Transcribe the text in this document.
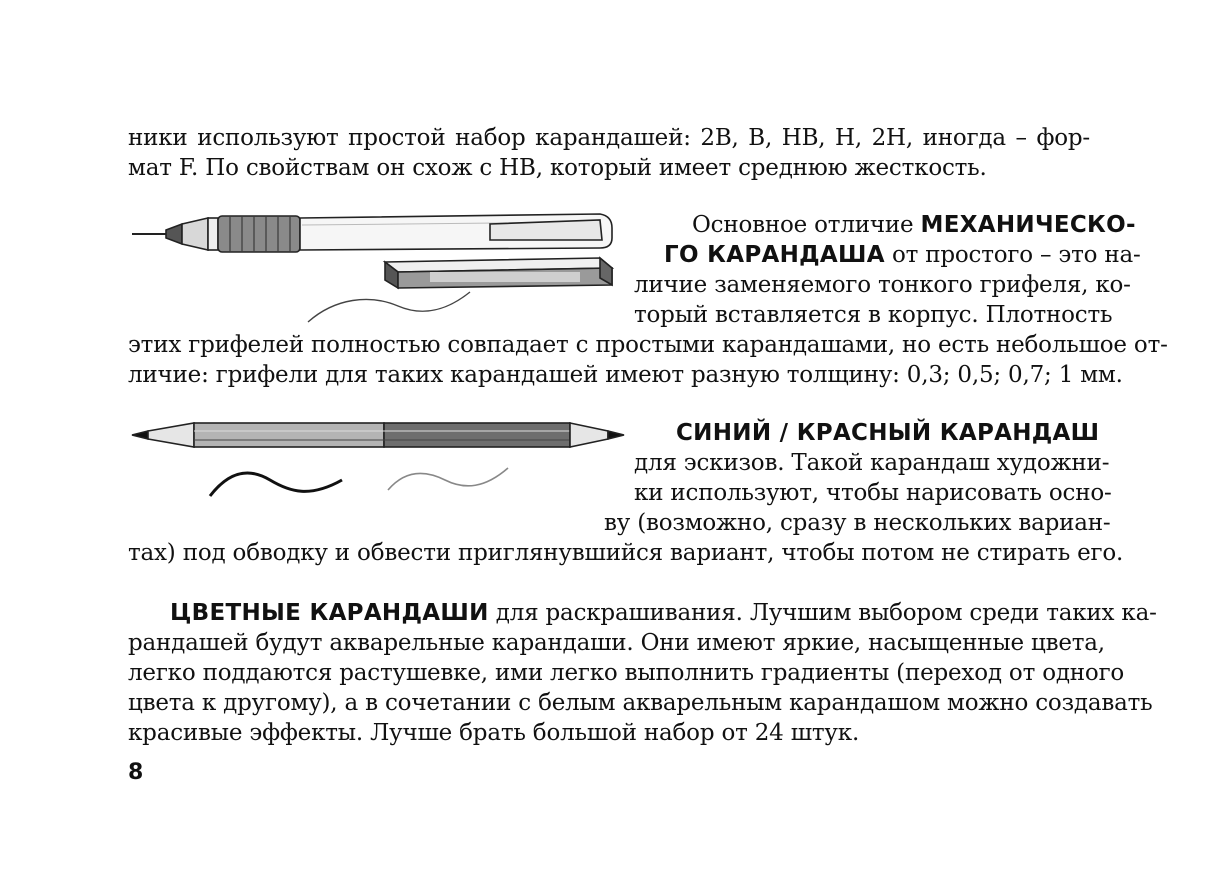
ники используют простой набор карандашей: 2B, B, HB, H, 2H, иногда – фор-

мат F. По свойствам он схож с HB, который имеет среднюю жесткость.

Основное отличие МЕХАНИЧЕСКО-

ГО КАРАНДАША от простого – это на-

личие заменяемого тонкого грифеля, ко-

торый вставляется в корпус. Плотность

этих грифелей полностью совпадает с простыми карандашами, но есть небольшое от-

личие: грифели для таких карандашей имеют разную толщину: 0,3; 0,5; 0,7; 1 мм.

СИНИЙ / КРАСНЫЙ КАРАНДАШ

для эскизов. Такой карандаш художни-

ки используют, чтобы нарисовать осно-

ву (возможно, сразу в нескольких вариан-

тах) под обводку и обвести приглянувшийся вариант, чтобы потом не стирать его.

ЦВЕТНЫЕ КАРАНДАШИ для раскрашивания. Лучшим выбором среди таких ка-

рандашей будут акварельные карандаши. Они имеют яркие, насыщенные цвета,

легко поддаются растушевке, ими легко выполнить градиенты (переход от одного

цвета к другому), а в сочетании с белым акварельным карандашом можно создавать

красивые эффекты. Лучше брать большой набор от 24 штук.

8
